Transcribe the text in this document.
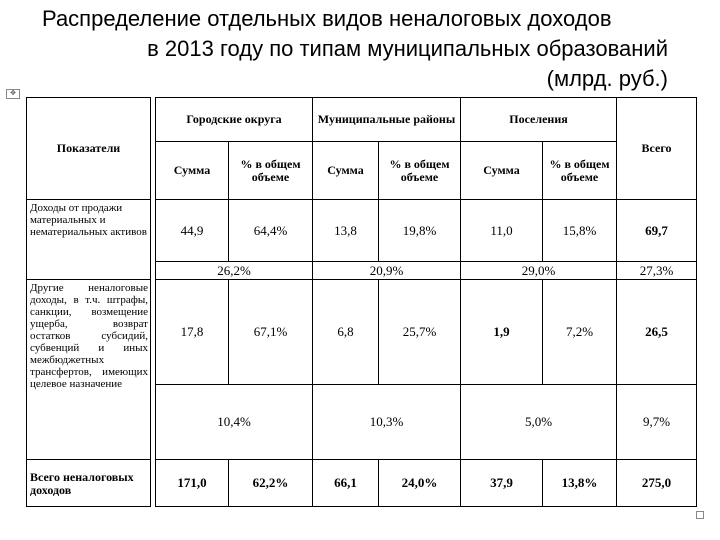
Распределение отдельных видов неналоговых доходов
в 2013 году по типам муниципальных образований
(млрд. руб.)
✥
Показатели		Городские округа		Муниципальные районы		Поселения		Всего
		Сумма	% в общем объеме	Сумма	% в общем объеме	Сумма	% в общем объеме	
Доходы от продажи материальных и нематериальных активов		44,9	64,4%	13,8	19,8%	11,0	15,8%	69,7
		26,2%		20,9%		29,0%		27,3%
Другие неналоговые доходы, в т.ч. штрафы, санкции, возмещение ущерба, возврат остатков субсидий, субвенций и иных межбюджетных трансфертов, имеющих целевое назначение		17,8	67,1%	6,8	25,7%	1,9	7,2%	26,5
		10,4%		10,3%		5,0%		9,7%
Всего неналоговых доходов		171,0	62,2%	66,1	24,0%	37,9	13,8%	275,0
